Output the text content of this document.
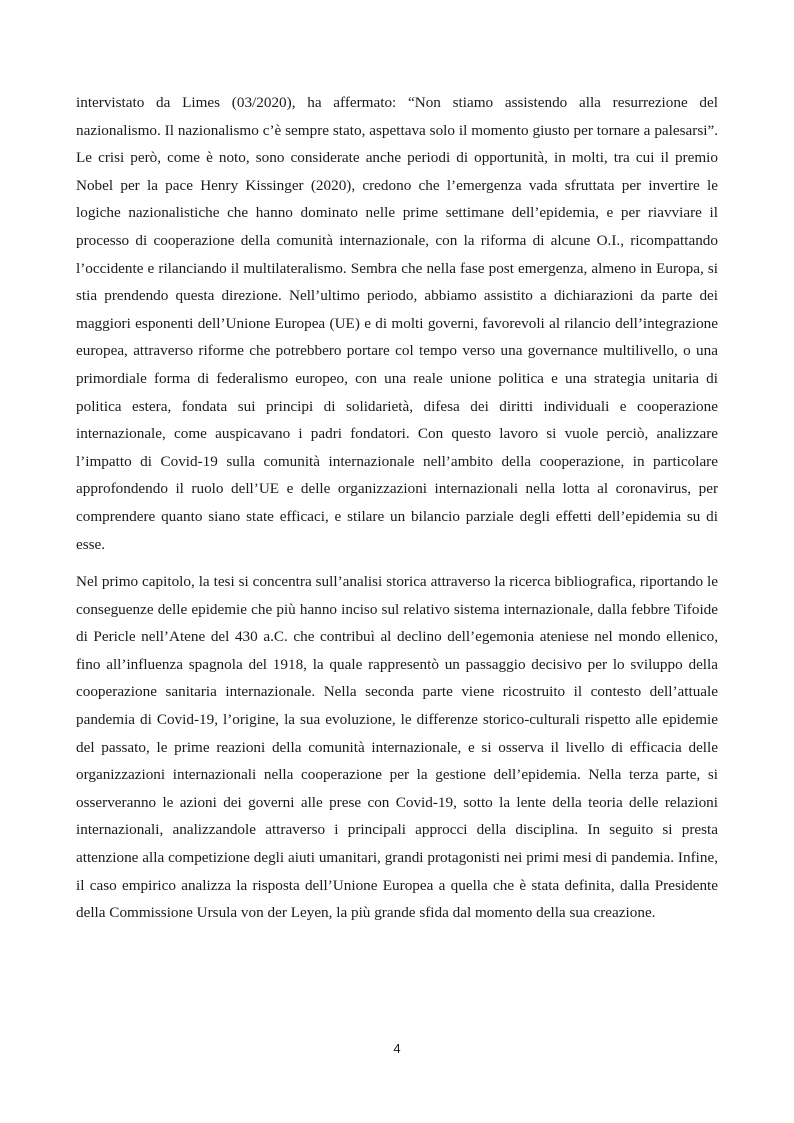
intervistato da Limes (03/2020), ha affermato: “Non stiamo assistendo alla resurrezione del nazionalismo. Il nazionalismo c’è sempre stato, aspettava solo il momento giusto per tornare a palesarsi”. Le crisi però, come è noto, sono considerate anche periodi di opportunità, in molti, tra cui il premio Nobel per la pace Henry Kissinger (2020), credono che l’emergenza vada sfruttata per invertire le logiche nazionalistiche che hanno dominato nelle prime settimane dell’epidemia, e per riavviare il processo di cooperazione della comunità internazionale, con la riforma di alcune O.I., ricompattando l’occidente e rilanciando il multilateralismo. Sembra che nella fase post emergenza, almeno in Europa, si stia prendendo questa direzione. Nell’ultimo periodo, abbiamo assistito a dichiarazioni da parte dei maggiori esponenti dell’Unione Europea (UE) e di molti governi, favorevoli al rilancio dell’integrazione europea, attraverso riforme che potrebbero portare col tempo verso una governance multilivello, o una primordiale forma di federalismo europeo, con una reale unione politica e una strategia unitaria di politica estera, fondata sui principi di solidarietà, difesa dei diritti individuali e cooperazione internazionale, come auspicavano i padri fondatori. Con questo lavoro si vuole perciò, analizzare l’impatto di Covid-19 sulla comunità internazionale nell’ambito della cooperazione, in particolare approfondendo il ruolo dell’UE e delle organizzazioni internazionali nella lotta al coronavirus, per comprendere quanto siano state efficaci, e stilare un bilancio parziale degli effetti dell’epidemia su di esse.

Nel primo capitolo, la tesi si concentra sull’analisi storica attraverso la ricerca bibliografica, riportando le conseguenze delle epidemie che più hanno inciso sul relativo sistema internazionale, dalla febbre Tifoide di Pericle nell’Atene del 430 a.C. che contribuì al declino dell’egemonia ateniese nel mondo ellenico, fino all’influenza spagnola del 1918, la quale rappresentò un passaggio decisivo per lo sviluppo della cooperazione sanitaria internazionale. Nella seconda parte viene ricostruito il contesto dell’attuale pandemia di Covid-19, l’origine, la sua evoluzione, le differenze storico-culturali rispetto alle epidemie del passato, le prime reazioni della comunità internazionale, e si osserva il livello di efficacia delle organizzazioni internazionali nella cooperazione per la gestione dell’epidemia. Nella terza parte, si osserveranno le azioni dei governi alle prese con Covid-19, sotto la lente della teoria delle relazioni internazionali, analizzandole attraverso i principali approcci della disciplina. In seguito si presta attenzione alla competizione degli aiuti umanitari, grandi protagonisti nei primi mesi di pandemia. Infine, il caso empirico analizza la risposta dell’Unione Europea a quella che è stata definita, dalla Presidente della Commissione Ursula von der Leyen, la più grande sfida dal momento della sua creazione.

4
